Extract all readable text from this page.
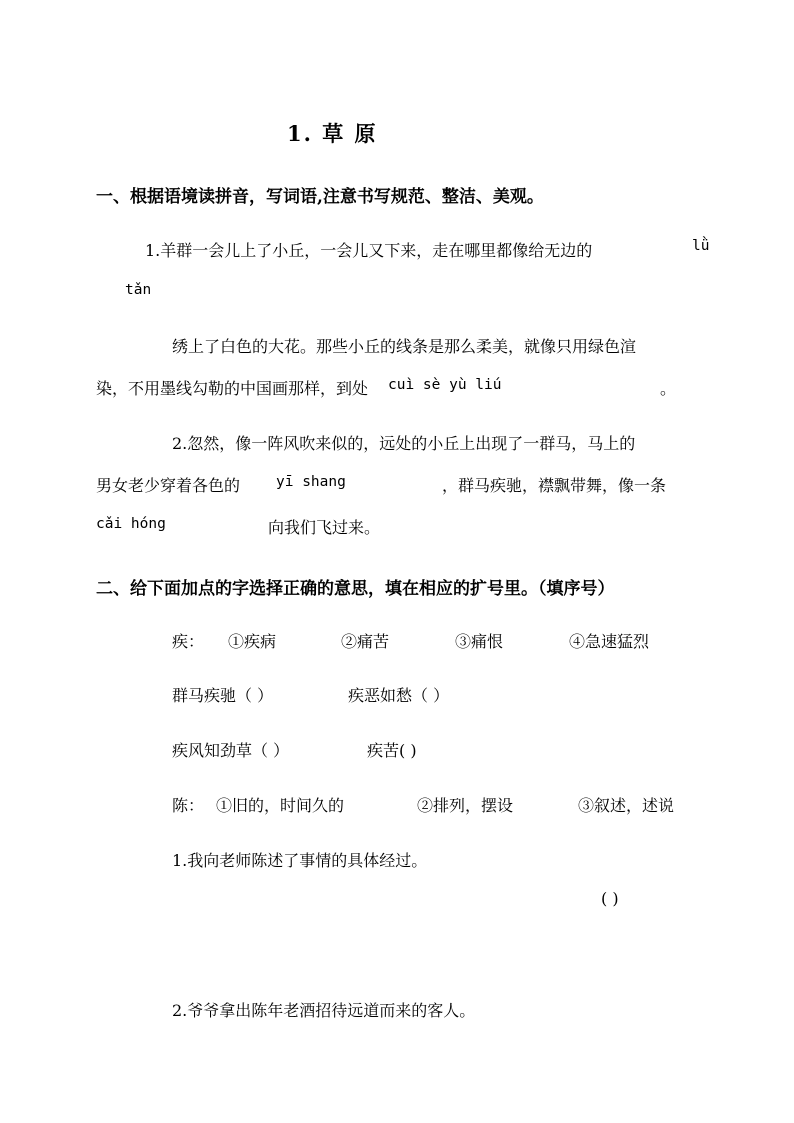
1. 草 原
一、根据语境读拼音，写词语,注意书写规范、整洁、美观。
1.羊群一会儿上了小丘，一会儿又下来，走在哪里都像给无边的	lǜ
tǎn
绣上了白色的大花。那些小丘的线条是那么柔美，就像只用绿色渲
染，不用墨线勾勒的中国画那样，到处 cuì sè yù liú	。
2.忽然，像一阵风吹来似的，远处的小丘上出现了一群马，马上的
男女老少穿着各色的 yī shang	，群马疾驰，襟飘带舞，像一条
cǎi hóng	向我们飞过来。
二、给下面加点的字选择正确的意思，填在相应的扩号里。（填序号）
疾： ①疾病	②痛苦	③痛恨	④急速猛烈
群马疾驰（ ）	疾恶如愁（ ）
疾风知劲草（ ）	疾苦( )
陈： ①旧的，时间久的	②排列，摆设	③叙述，述说
1.我向老师陈述了事情的具体经过。
( )
2.爷爷拿出陈年老酒招待远道而来的客人。
